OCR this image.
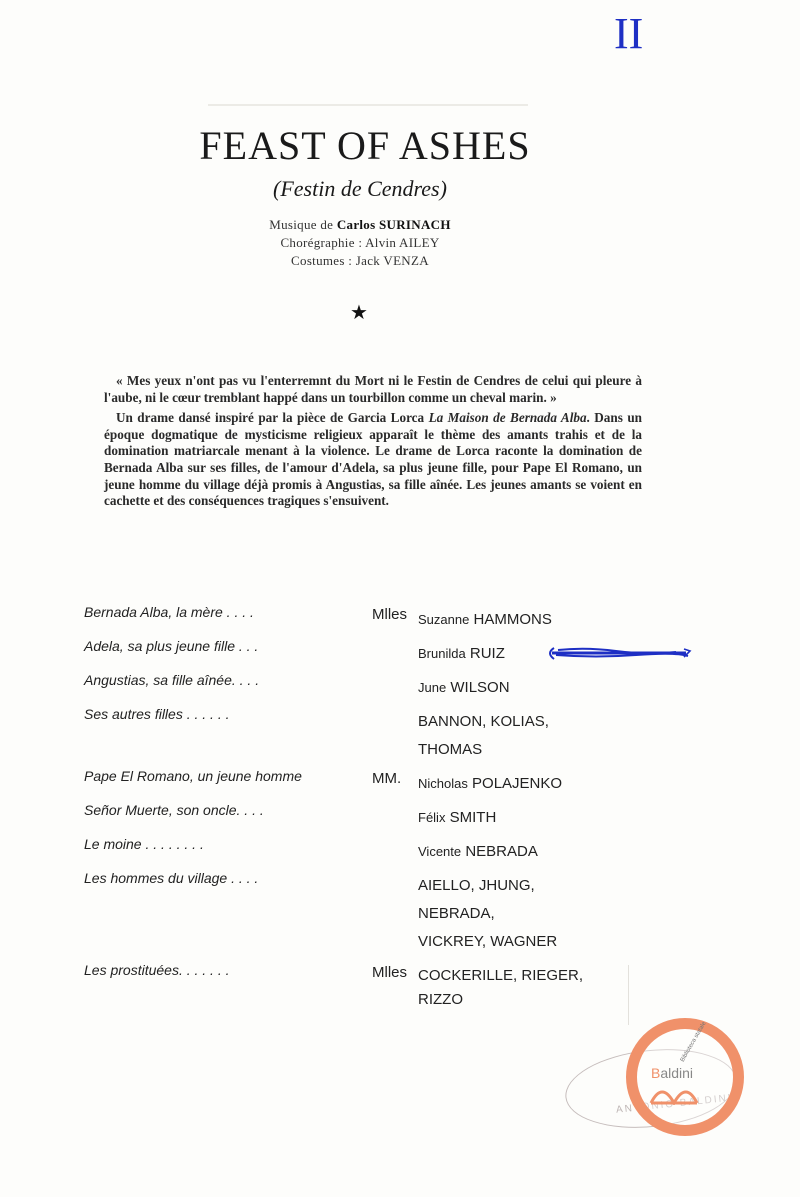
II
FEAST OF ASHES
(Festin de Cendres)
Musique de Carlos SURINACH
Chorégraphie : Alvin AILEY
Costumes : Jack VENZA
★

« Mes yeux n'ont pas vu l'enterremnt du Mort ni le Festin de Cendres de celui qui pleure à l'aube, ni le cœur tremblant happé dans un tourbillon comme un cheval marin. »

Un drame dansé inspiré par la pièce de Garcia Lorca La Maison de Bernada Alba. Dans un époque dogmatique de mysticisme religieux apparaît le thème des amants trahis et de la domination matriarcale menant à la violence. Le drame de Lorca raconte la domination de Bernada Alba sur ses filles, de l'amour d'Adela, sa plus jeune fille, pour Pape El Romano, un jeune homme du village déjà promis à Angustias, sa fille aînée. Les jeunes amants se voient en cachette et des conséquences tragiques s'ensuivent.

Bernada Alba, la mère . . . .	Mlles Suzanne HAMMONS
Adela, sa plus jeune fille . . .	Brunilda RUIZ
Angustias, sa fille aînée. . . .	June WILSON
Ses autres filles . . . . . .	BANNON, KOLIAS,
THOMAS
Pape El Romano, un jeune homme	MM. Nicholas POLAJENKO
Señor Muerte, son oncle. . . .	Félix SMITH
Le moine . . . . . . . .	Vicente NEBRADA
Les hommes du village . . . .	AIELLO, JHUNG,
NEBRADA,
VICKREY, WAGNER
Les prostituées. . . . . . .	Mlles COCKERILLE, RIEGER,
RIZZO
ANTONIO BALDINI
Biblioteca statale
Baldini
